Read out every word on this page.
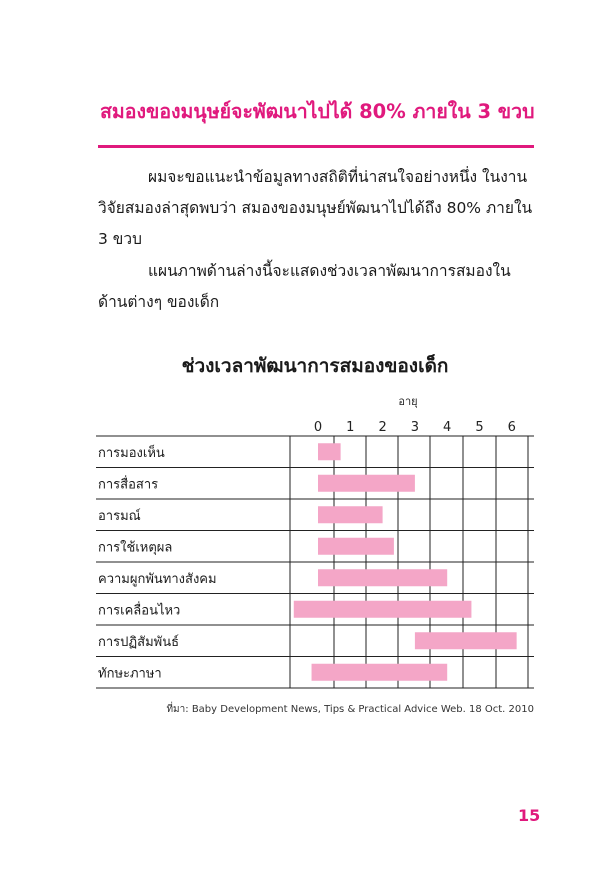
สมองของมนุษย์จะพัฒนาไปได้ 80% ภายใน 3 ขวบ

ผมจะขอแนะนำข้อมูลทางสถิติที่น่าสนใจอย่างหนึ่ง ในงานวิจัยสมองล่าสุดพบว่า สมองของมนุษย์พัฒนาไปได้ถึง 80% ภายใน 3 ขวบ

แผนภาพด้านล่างนี้จะแสดงช่วงเวลาพัฒนาการสมองในด้านต่างๆ ของเด็ก

ช่วงเวลาพัฒนาการสมองของเด็ก
อายุ
0 1 2 3 4 5 6
การมองเห็น
การสื่อสาร
อารมณ์
การใช้เหตุผล
ความผูกพันทางสังคม
การเคลื่อนไหว
การปฏิสัมพันธ์
ทักษะภาษา
ที่มา: Baby Development News, Tips & Practical Advice Web. 18 Oct. 2010
15
